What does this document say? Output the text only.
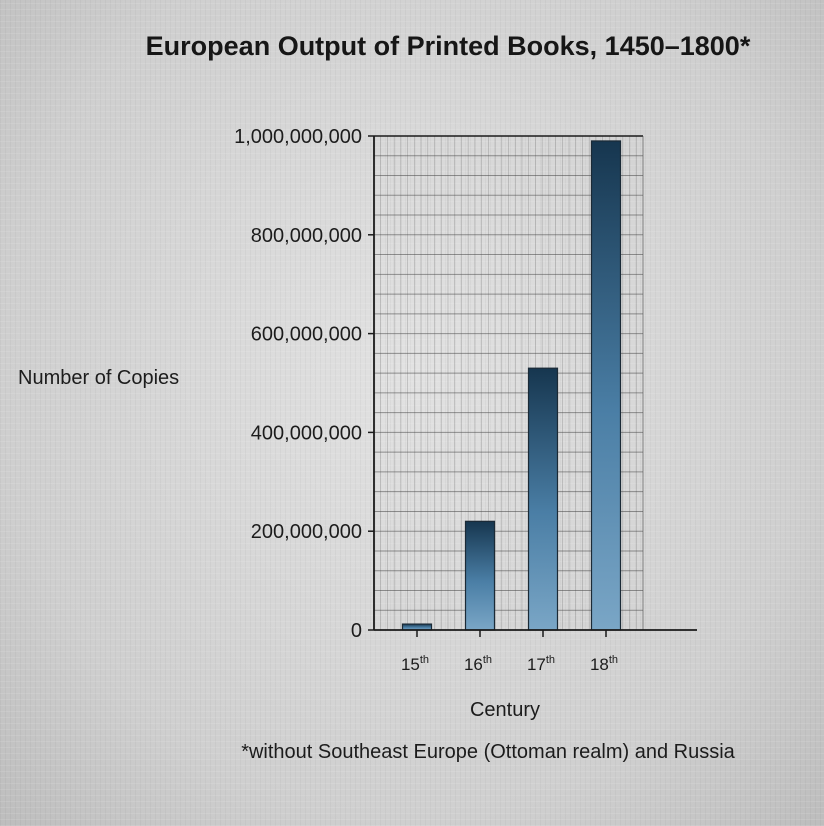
European Output of Printed Books, 1450–1800*
0
200,000,000
400,000,000
600,000,000
800,000,000
1,000,000,000
15th 16th 17th 18th
Number of Copies
Century
*without Southeast Europe (Ottoman realm) and Russia
